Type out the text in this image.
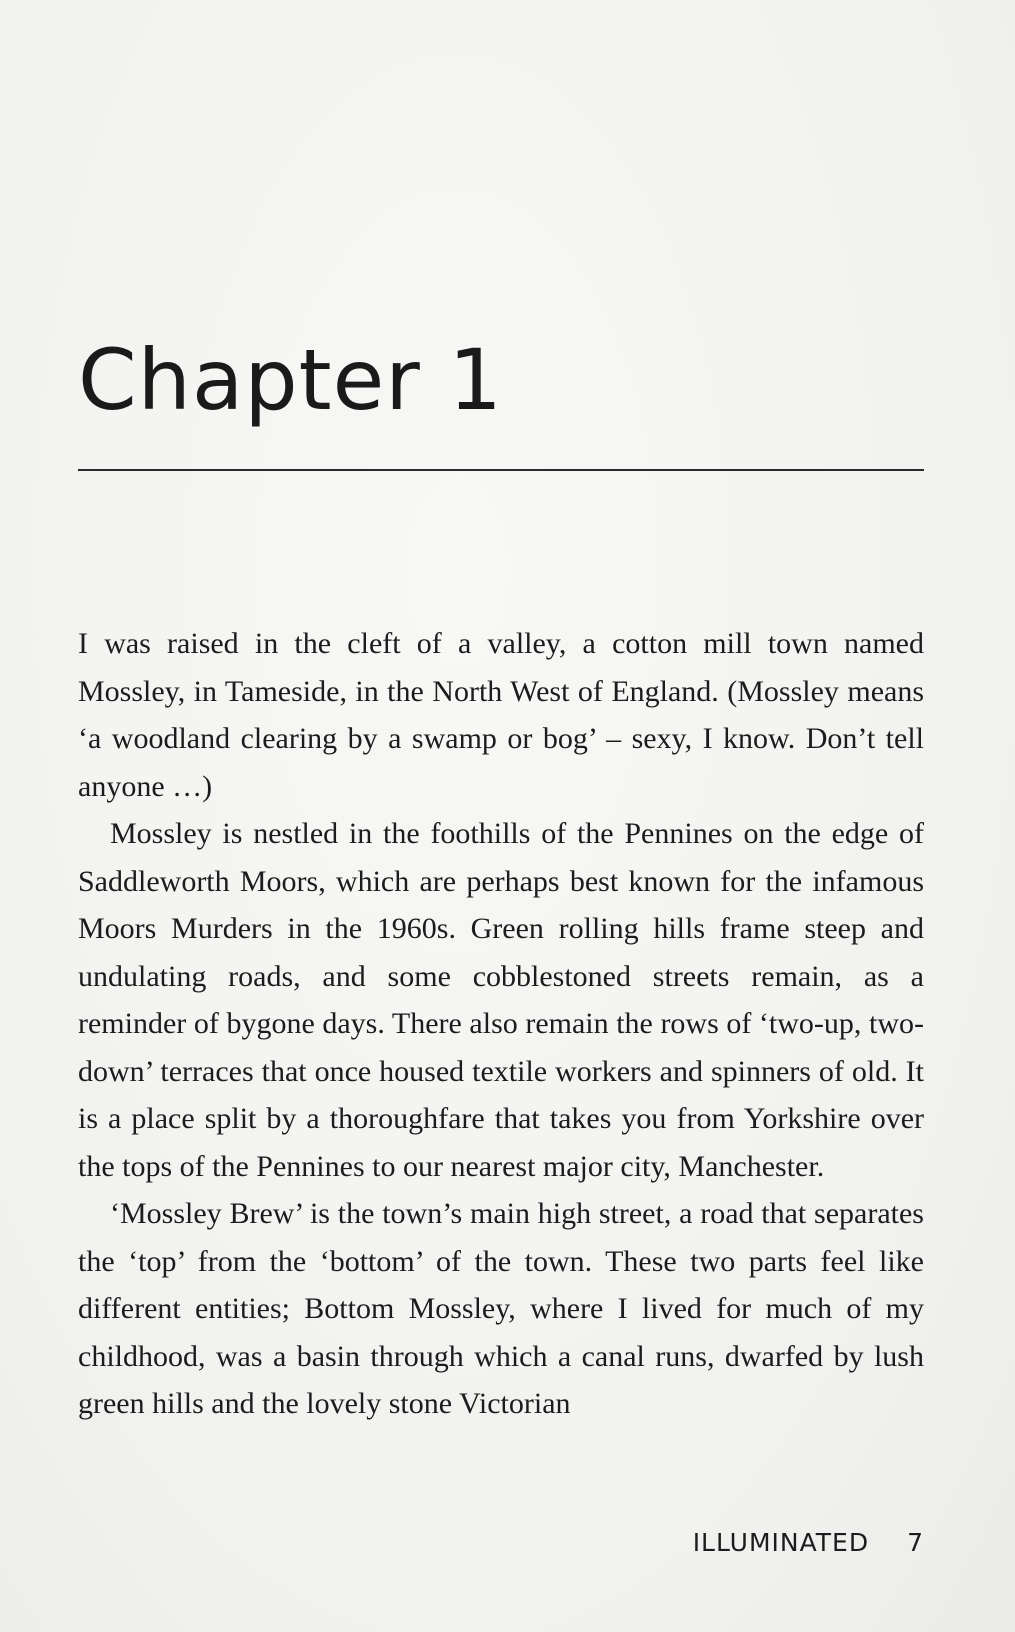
Chapter 1

I was raised in the cleft of a valley, a cotton mill town named Mossley, in Tameside, in the North West of England. (Mossley means ‘a woodland clearing by a swamp or bog’ – sexy, I know. Don’t tell anyone …)

Mossley is nestled in the foothills of the Pennines on the edge of Saddleworth Moors, which are perhaps best known for the infamous Moors Murders in the 1960s. Green rolling hills frame steep and undulating roads, and some cobblestoned streets remain, as a reminder of bygone days. There also remain the rows of ‘two-up, two-down’ terraces that once housed textile workers and spinners of old. It is a place split by a thoroughfare that takes you from Yorkshire over the tops of the Pennines to our nearest major city, Manchester.

‘Mossley Brew’ is the town’s main high street, a road that separates the ‘top’ from the ‘bottom’ of the town. These two parts feel like different entities; Bottom Mossley, where I lived for much of my childhood, was a basin through which a canal runs, dwarfed by lush green hills and the lovely stone Victorian

ILLUMINATED 7
